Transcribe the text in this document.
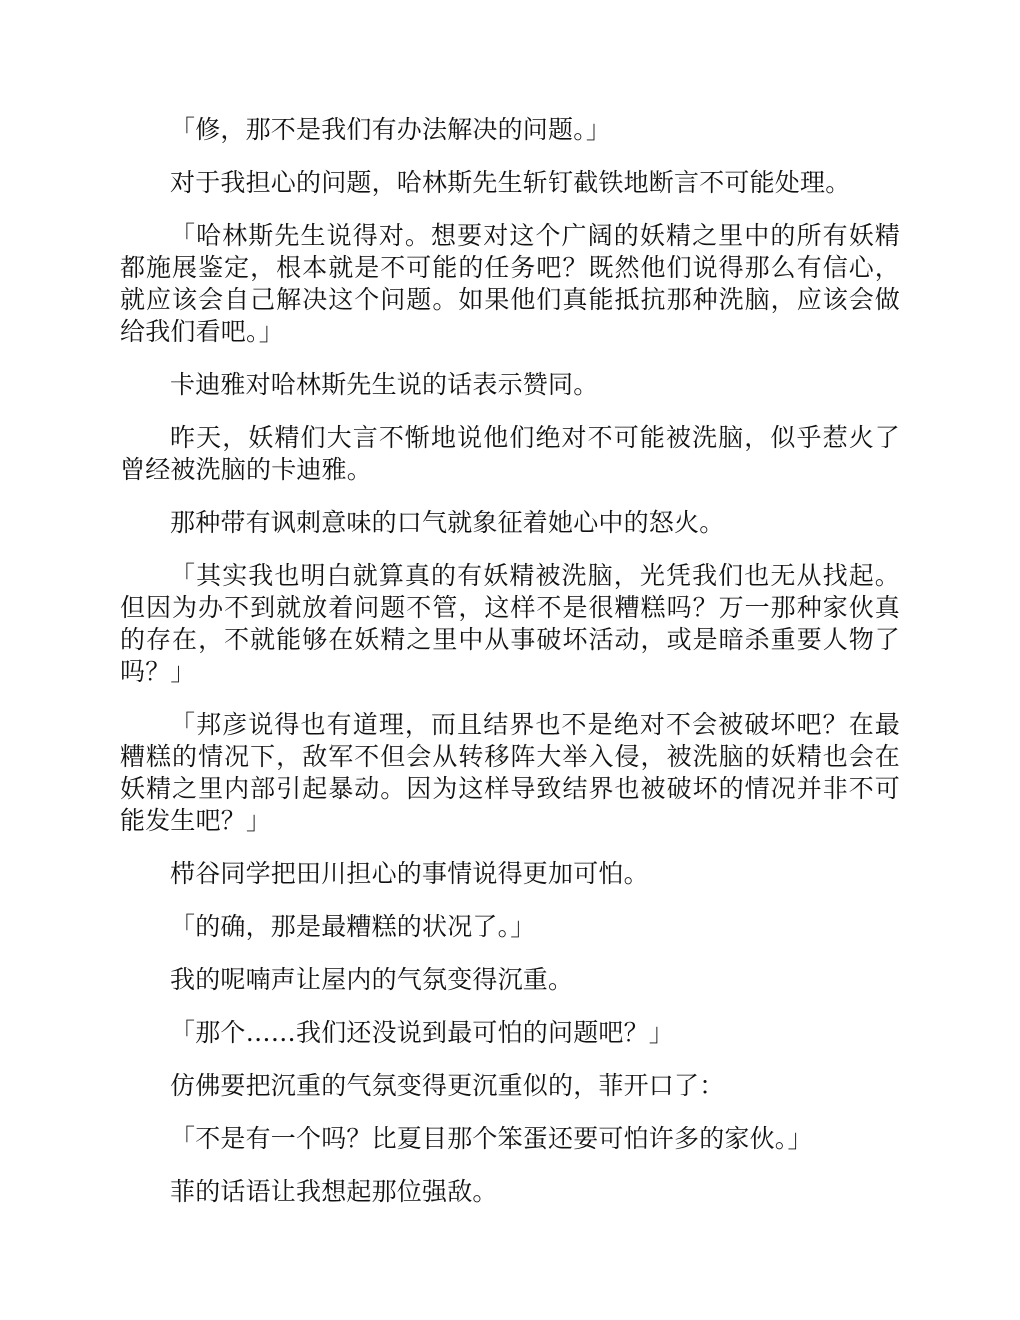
「修，那不是我们有办法解决的问题。」

对于我担心的问题，哈林斯先生斩钉截铁地断言不可能处理。

「哈林斯先生说得对。想要对这个广阔的妖精之里中的所有妖精都施展鉴定，根本就是不可能的任务吧？既然他们说得那么有信心，就应该会自己解决这个问题。如果他们真能抵抗那种洗脑，应该会做给我们看吧。」

卡迪雅对哈林斯先生说的话表示赞同。

昨天，妖精们大言不惭地说他们绝对不可能被洗脑，似乎惹火了曾经被洗脑的卡迪雅。

那种带有讽刺意味的口气就象征着她心中的怒火。

「其实我也明白就算真的有妖精被洗脑，光凭我们也无从找起。但因为办不到就放着问题不管，这样不是很糟糕吗？万一那种家伙真的存在，不就能够在妖精之里中从事破坏活动，或是暗杀重要人物了吗？」

「邦彦说得也有道理，而且结界也不是绝对不会被破坏吧？在最糟糕的情况下，敌军不但会从转移阵大举入侵，被洗脑的妖精也会在妖精之里内部引起暴动。因为这样导致结界也被破坏的情况并非不可能发生吧？」

栉谷同学把田川担心的事情说得更加可怕。

「的确，那是最糟糕的状况了。」

我的呢喃声让屋内的气氛变得沉重。

「那个……我们还没说到最可怕的问题吧？」

仿佛要把沉重的气氛变得更沉重似的，菲开口了：

「不是有一个吗？比夏目那个笨蛋还要可怕许多的家伙。」

菲的话语让我想起那位强敌。
